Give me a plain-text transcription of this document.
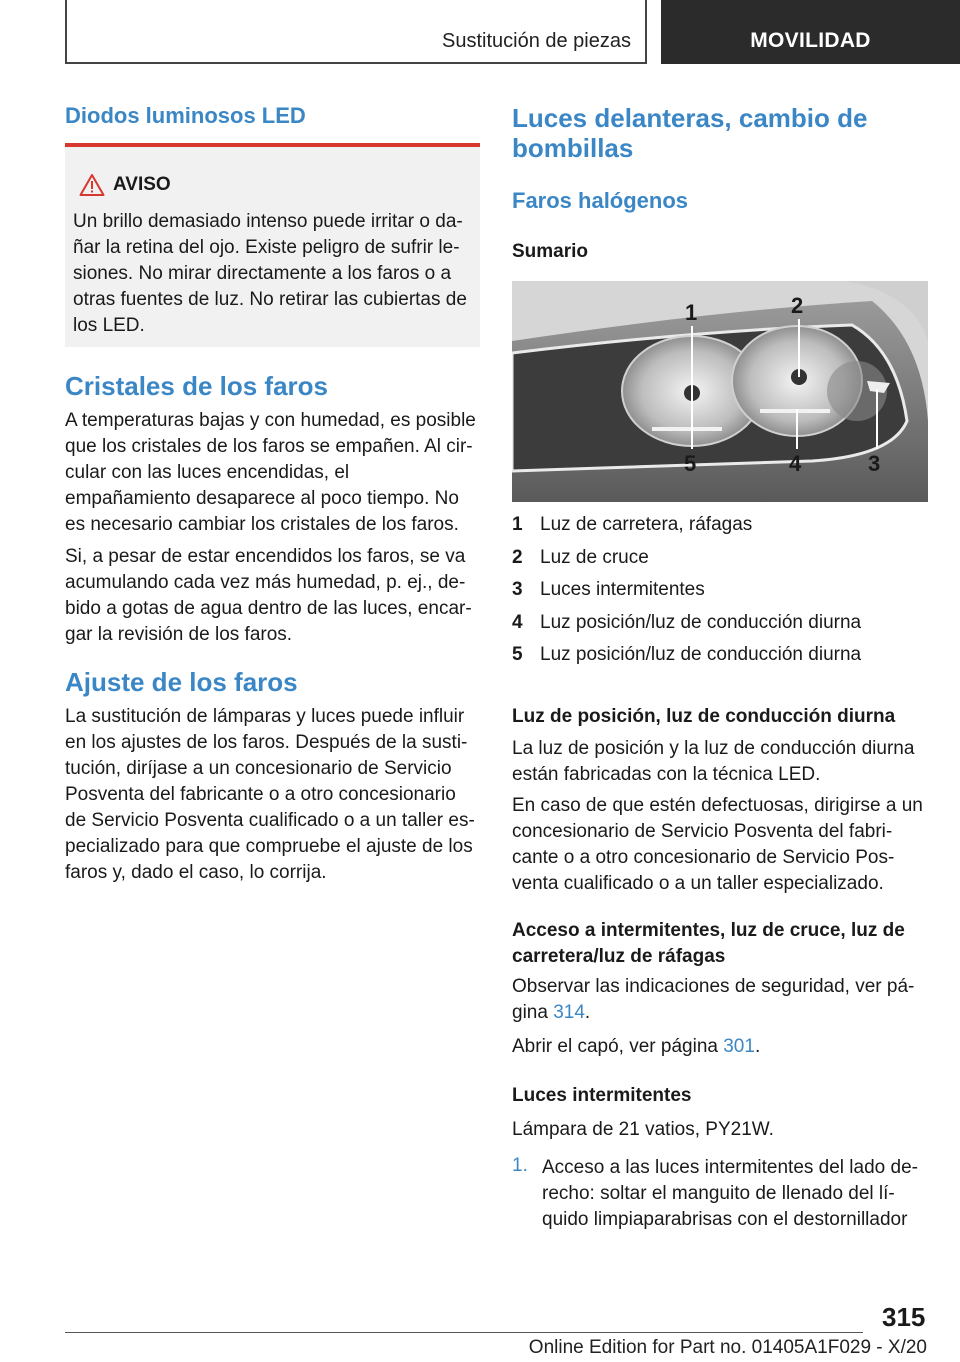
Sustitución de piezas	MOVILIDAD
Diodos luminosos LED
AVISO

Un brillo demasiado intenso puede irritar o da-ñar la retina del ojo. Existe peligro de sufrir le-siones. No mirar directamente a los faros o a otras fuentes de luz. No retirar las cubiertas de los LED.

Cristales de los faros

A temperaturas bajas y con humedad, es posible que los cristales de los faros se empañen. Al cir-cular con las luces encendidas, el empañamiento desaparece al poco tiempo. No es necesario cambiar los cristales de los faros.

Si, a pesar de estar encendidos los faros, se va acumulando cada vez más humedad, p. ej., de-bido a gotas de agua dentro de las luces, encar-gar la revisión de los faros.

Ajuste de los faros

La sustitución de lámparas y luces puede influir en los ajustes de los faros. Después de la susti-tución, diríjase a un concesionario de Servicio Posventa del fabricante o a otro concesionario de Servicio Posventa cualificado o a un taller es-pecializado para que compruebe el ajuste de los faros y, dado el caso, lo corrija.

Luces delanteras, cambio de bombillas
Faros halógenos
Sumario
1	2
3
4
5
1 Luz de carretera, ráfagas
2 Luz de cruce
3 Luces intermitentes
4 Luz posición/luz de conducción diurna
5 Luz posición/luz de conducción diurna
Luz de posición, luz de conducción diurna

La luz de posición y la luz de conducción diurna están fabricadas con la técnica LED.

En caso de que estén defectuosas, dirigirse a un concesionario de Servicio Posventa del fabri-cante o a otro concesionario de Servicio Pos-venta cualificado o a un taller especializado.

Acceso a intermitentes, luz de cruce, luz de carretera/luz de ráfagas

Observar las indicaciones de seguridad, ver pá-gina 314.

Abrir el capó, ver página 301.

Luces intermitentes

Lámpara de 21 vatios, PY21W.

1. Acceso a las luces intermitentes del lado de-recho: soltar el manguito de llenado del lí-quido limpiaparabrisas con el destornillador

315
Online Edition for Part no. 01405A1F029 - X/20
